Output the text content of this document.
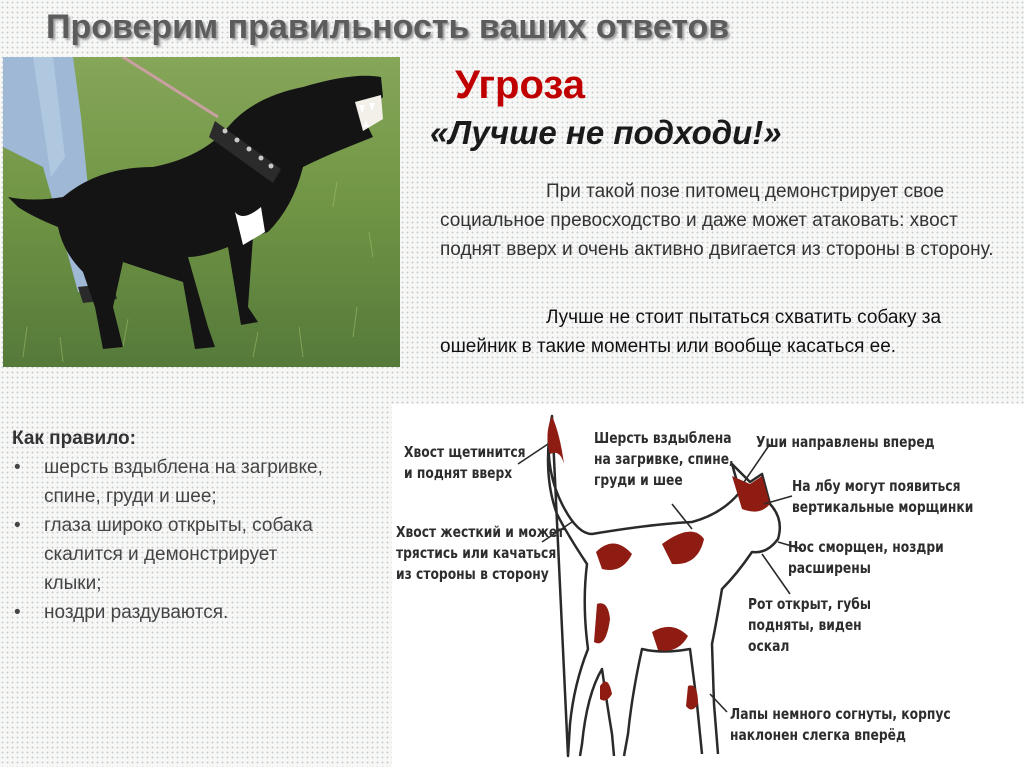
Проверим правильность ваших ответов
Угроза

«Лучше не подходи!»

При такой позе питомец демонстрирует свое социальное превосходство и даже может атаковать: хвост поднят вверх и очень активно двигается из стороны в сторону.
Лучше не стоит пытаться схватить собаку за ошейник в такие моменты или вообще касаться ее.
Как правило:
• шерсть вздыблена на загривке, спине, груди и шее;
• глаза широко открыты, собака скалится и демонстрирует клыки;
• ноздри раздуваются.
Хвост щетинится
и поднят вверх
Хвост жесткий и может
трястись или качаться
из стороны в сторону
Шерсть вздыблена
на загривке, спине,
груди и шее
Уши направлены вперед
На лбу могут появиться
вертикальные морщинки
Нос сморщен, ноздри расширены
Рот открыт, губы
подняты, виден
оскал
Лапы немного согнуты, корпус
наклонен слегка вперёд
